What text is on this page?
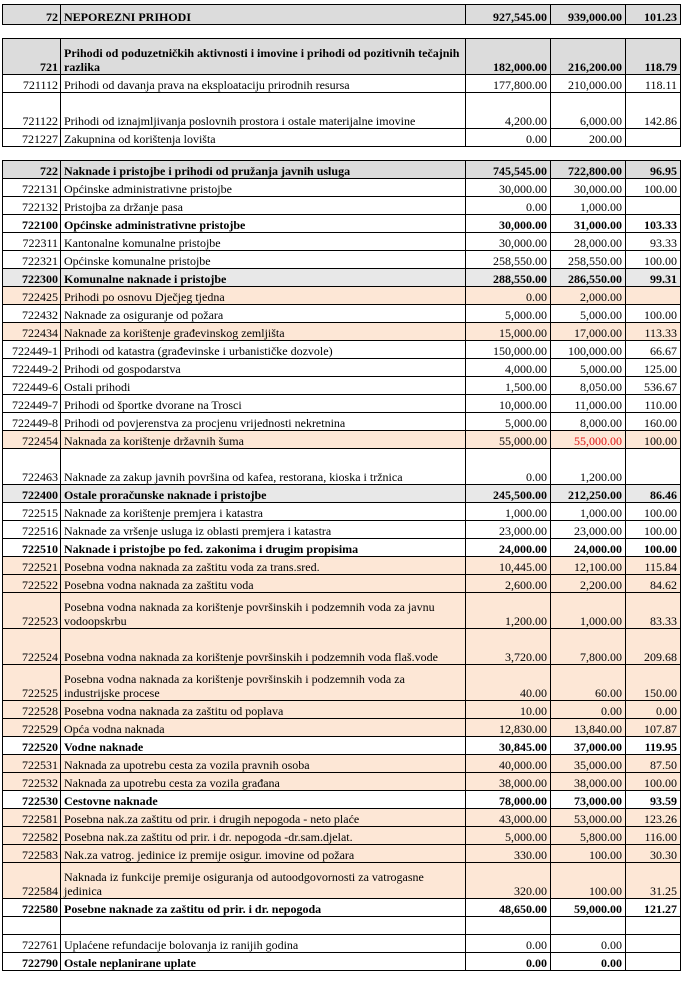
72	NEPOREZNI PRIHODI	927,545.00	939,000.00	101.23

721	Prihodi od poduzetničkih aktivnosti i imovine i prihodi od pozitivnih tečajnih razlika	182,000.00	216,200.00	118.79
721112	Prihodi od davanja prava na eksploataciju prirodnih resursa	177,800.00	210,000.00	118.11
721122	Prihodi od iznajmljivanja poslovnih prostora i ostale materijalne imovine	4,200.00	6,000.00	142.86
721227	Zakupnina od korištenja lovišta	0.00	200.00	

722	Naknade i pristojbe i prihodi od pružanja javnih usluga	745,545.00	722,800.00	96.95
722131	Općinske administrativne pristojbe	30,000.00	30,000.00	100.00
722132	Pristojba za držanje pasa	0.00	1,000.00	
722100	Općinske administrativne pristojbe	30,000.00	31,000.00	103.33
722311	Kantonalne komunalne pristojbe	30,000.00	28,000.00	93.33
722321	Općinske komunalne pristojbe	258,550.00	258,550.00	100.00
722300	Komunalne naknade i pristojbe	288,550.00	286,550.00	99.31
722425	Prihodi po osnovu Dječjeg tjedna	0.00	2,000.00	
722432	Naknade za osiguranje od požara	5,000.00	5,000.00	100.00
722434	Naknade za korištenje građevinskog zemljišta	15,000.00	17,000.00	113.33
722449-1	Prihodi od katastra (građevinske i urbanističke dozvole)	150,000.00	100,000.00	66.67
722449-2	Prihodi od gospodarstva	4,000.00	5,000.00	125.00
722449-6	Ostali prihodi	1,500.00	8,050.00	536.67
722449-7	Prihodi od športke dvorane na Trosci	10,000.00	11,000.00	110.00
722449-8	Prihodi od povjerenstva za procjenu vrijednosti nekretnina	5,000.00	8,000.00	160.00
722454	Naknada za korištenje državnih šuma	55,000.00	55,000.00	100.00
722463	Naknade za zakup javnih površina od kafea, restorana, kioska i tržnica	0.00	1,200.00	
722400	Ostale proračunske naknade i pristojbe	245,500.00	212,250.00	86.46
722515	Naknade za korištenje premjera i katastra	1,000.00	1,000.00	100.00
722516	Naknade za vršenje usluga iz oblasti premjera i katastra	23,000.00	23,000.00	100.00
722510	Naknade i pristojbe po fed. zakonima i drugim propisima	24,000.00	24,000.00	100.00
722521	Posebna vodna naknada za zaštitu voda za trans.sred.	10,445.00	12,100.00	115.84
722522	Posebna vodna naknada za zaštitu voda	2,600.00	2,200.00	84.62
722523	Posebna vodna naknada za korištenje površinskih i podzemnih voda za javnu vodoopskrbu	1,200.00	1,000.00	83.33
722524	Posebna vodna naknada za korištenje površinskih i podzemnih voda flaš.vode	3,720.00	7,800.00	209.68
722525	Posebna vodna naknada za korištenje površinskih i podzemnih voda za industrijske procese	40.00	60.00	150.00
722528	Posebna vodna naknada za zaštitu od poplava	10.00	0.00	0.00
722529	Opća vodna naknada	12,830.00	13,840.00	107.87
722520	Vodne naknade	30,845.00	37,000.00	119.95
722531	Naknada za upotrebu cesta za vozila pravnih osoba	40,000.00	35,000.00	87.50
722532	Naknada za upotrebu cesta za vozila građana	38,000.00	38,000.00	100.00
722530	Cestovne naknade	78,000.00	73,000.00	93.59
722581	Posebna nak.za zaštitu od prir. i drugih nepogoda - neto plaće	43,000.00	53,000.00	123.26
722582	Posebna nak.za zaštitu od prir. i dr. nepogoda -dr.sam.djelat.	5,000.00	5,800.00	116.00
722583	Nak.za vatrog. jedinice iz premije osigur. imovine od požara	330.00	100.00	30.30
722584	Naknada iz funkcije premije osiguranja od autoodgovornosti za vatrogasne jedinica	320.00	100.00	31.25
722580	Posebne naknade za zaštitu od prir. i dr. nepogoda	48,650.00	59,000.00	121.27

722761	Uplaćene refundacije bolovanja iz ranijih godina	0.00	0.00	
722790	Ostale neplanirane uplate	0.00	0.00	
